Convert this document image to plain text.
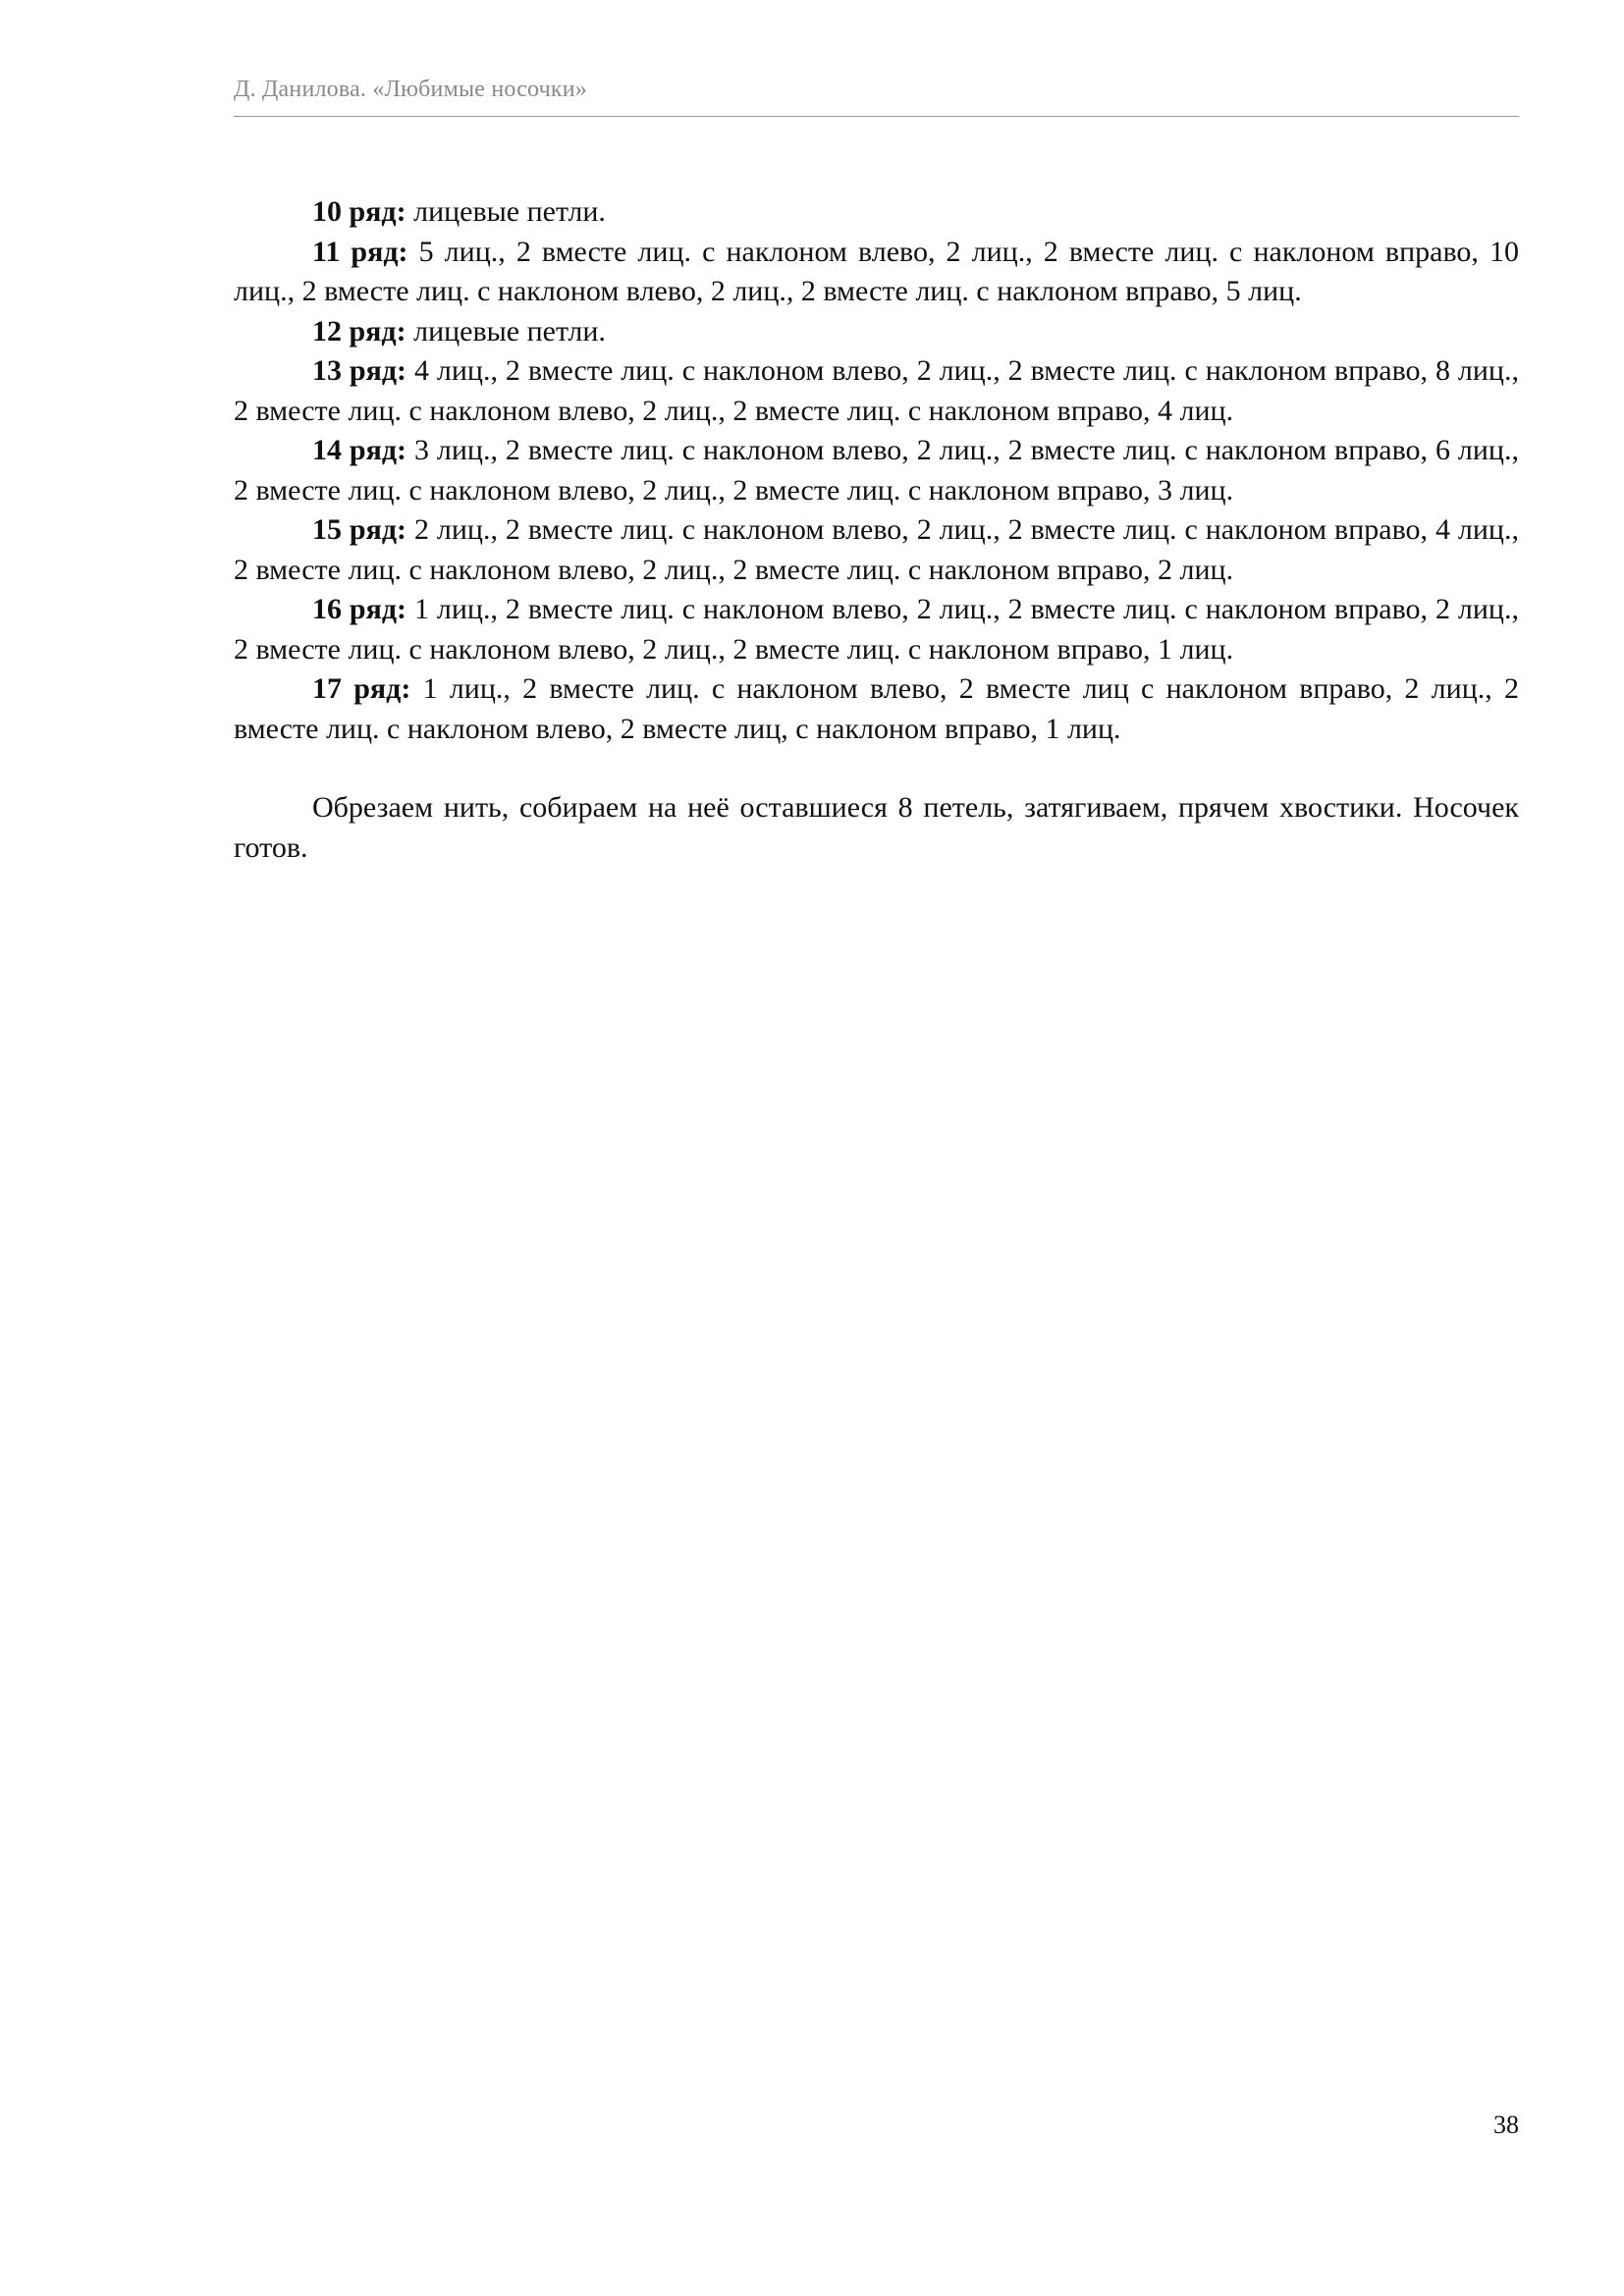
Д. Данилова. «Любимые носочки»

10 ряд: лицевые петли.

11 ряд: 5 лиц., 2 вместе лиц. с наклоном влево, 2 лиц., 2 вместе лиц. с наклоном вправо, 10 лиц., 2 вместе лиц. с наклоном влево, 2 лиц., 2 вместе лиц. с наклоном вправо, 5 лиц.

12 ряд: лицевые петли.

13 ряд: 4 лиц., 2 вместе лиц. с наклоном влево, 2 лиц., 2 вместе лиц. с наклоном вправо, 8 лиц., 2 вместе лиц. с наклоном влево, 2 лиц., 2 вместе лиц. с наклоном вправо, 4 лиц.

14 ряд: 3 лиц., 2 вместе лиц. с наклоном влево, 2 лиц., 2 вместе лиц. с наклоном вправо, 6 лиц., 2 вместе лиц. с наклоном влево, 2 лиц., 2 вместе лиц. с наклоном вправо, 3 лиц.

15 ряд: 2 лиц., 2 вместе лиц. с наклоном влево, 2 лиц., 2 вместе лиц. с наклоном вправо, 4 лиц., 2 вместе лиц. с наклоном влево, 2 лиц., 2 вместе лиц. с наклоном вправо, 2 лиц.

16 ряд: 1 лиц., 2 вместе лиц. с наклоном влево, 2 лиц., 2 вместе лиц. с наклоном вправо, 2 лиц., 2 вместе лиц. с наклоном влево, 2 лиц., 2 вместе лиц. с наклоном вправо, 1 лиц.

17 ряд: 1 лиц., 2 вместе лиц. с наклоном влево, 2 вместе лиц с наклоном вправо, 2 лиц., 2 вместе лиц. с наклоном влево, 2 вместе лиц, с наклоном вправо, 1 лиц.

Обрезаем нить, собираем на неё оставшиеся 8 петель, затягиваем, прячем хвостики. Носочек готов.

38
